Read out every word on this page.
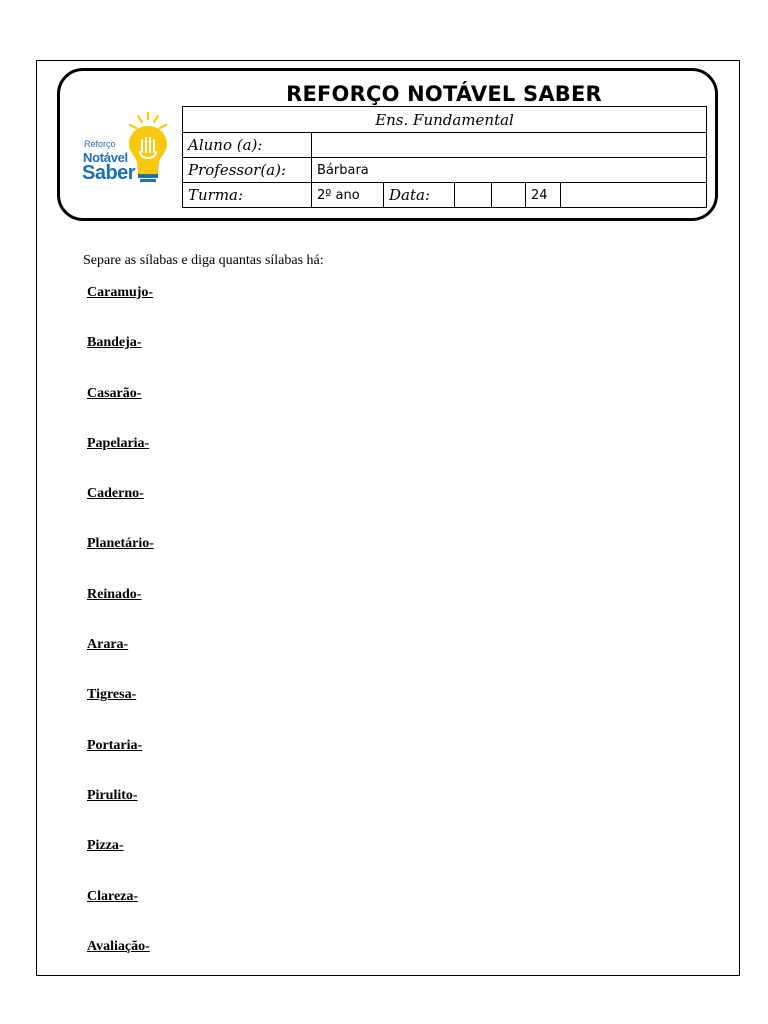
REFORÇO NOTÁVEL SABER
Reforço
Notável
Saber
Ens. Fundamental						
Aluno (a):						
Professor(a):	Bárbara					
Turma:	2º ano	Data:			24	
Separe as sílabas e diga quantas sílabas há:
Caramujo-
Bandeja-
Casarão-
Papelaria-
Caderno-
Planetário-
Reinado-
Arara-
Tigresa-
Portaria-
Pirulito-
Pizza-
Clareza-
Avaliação-
